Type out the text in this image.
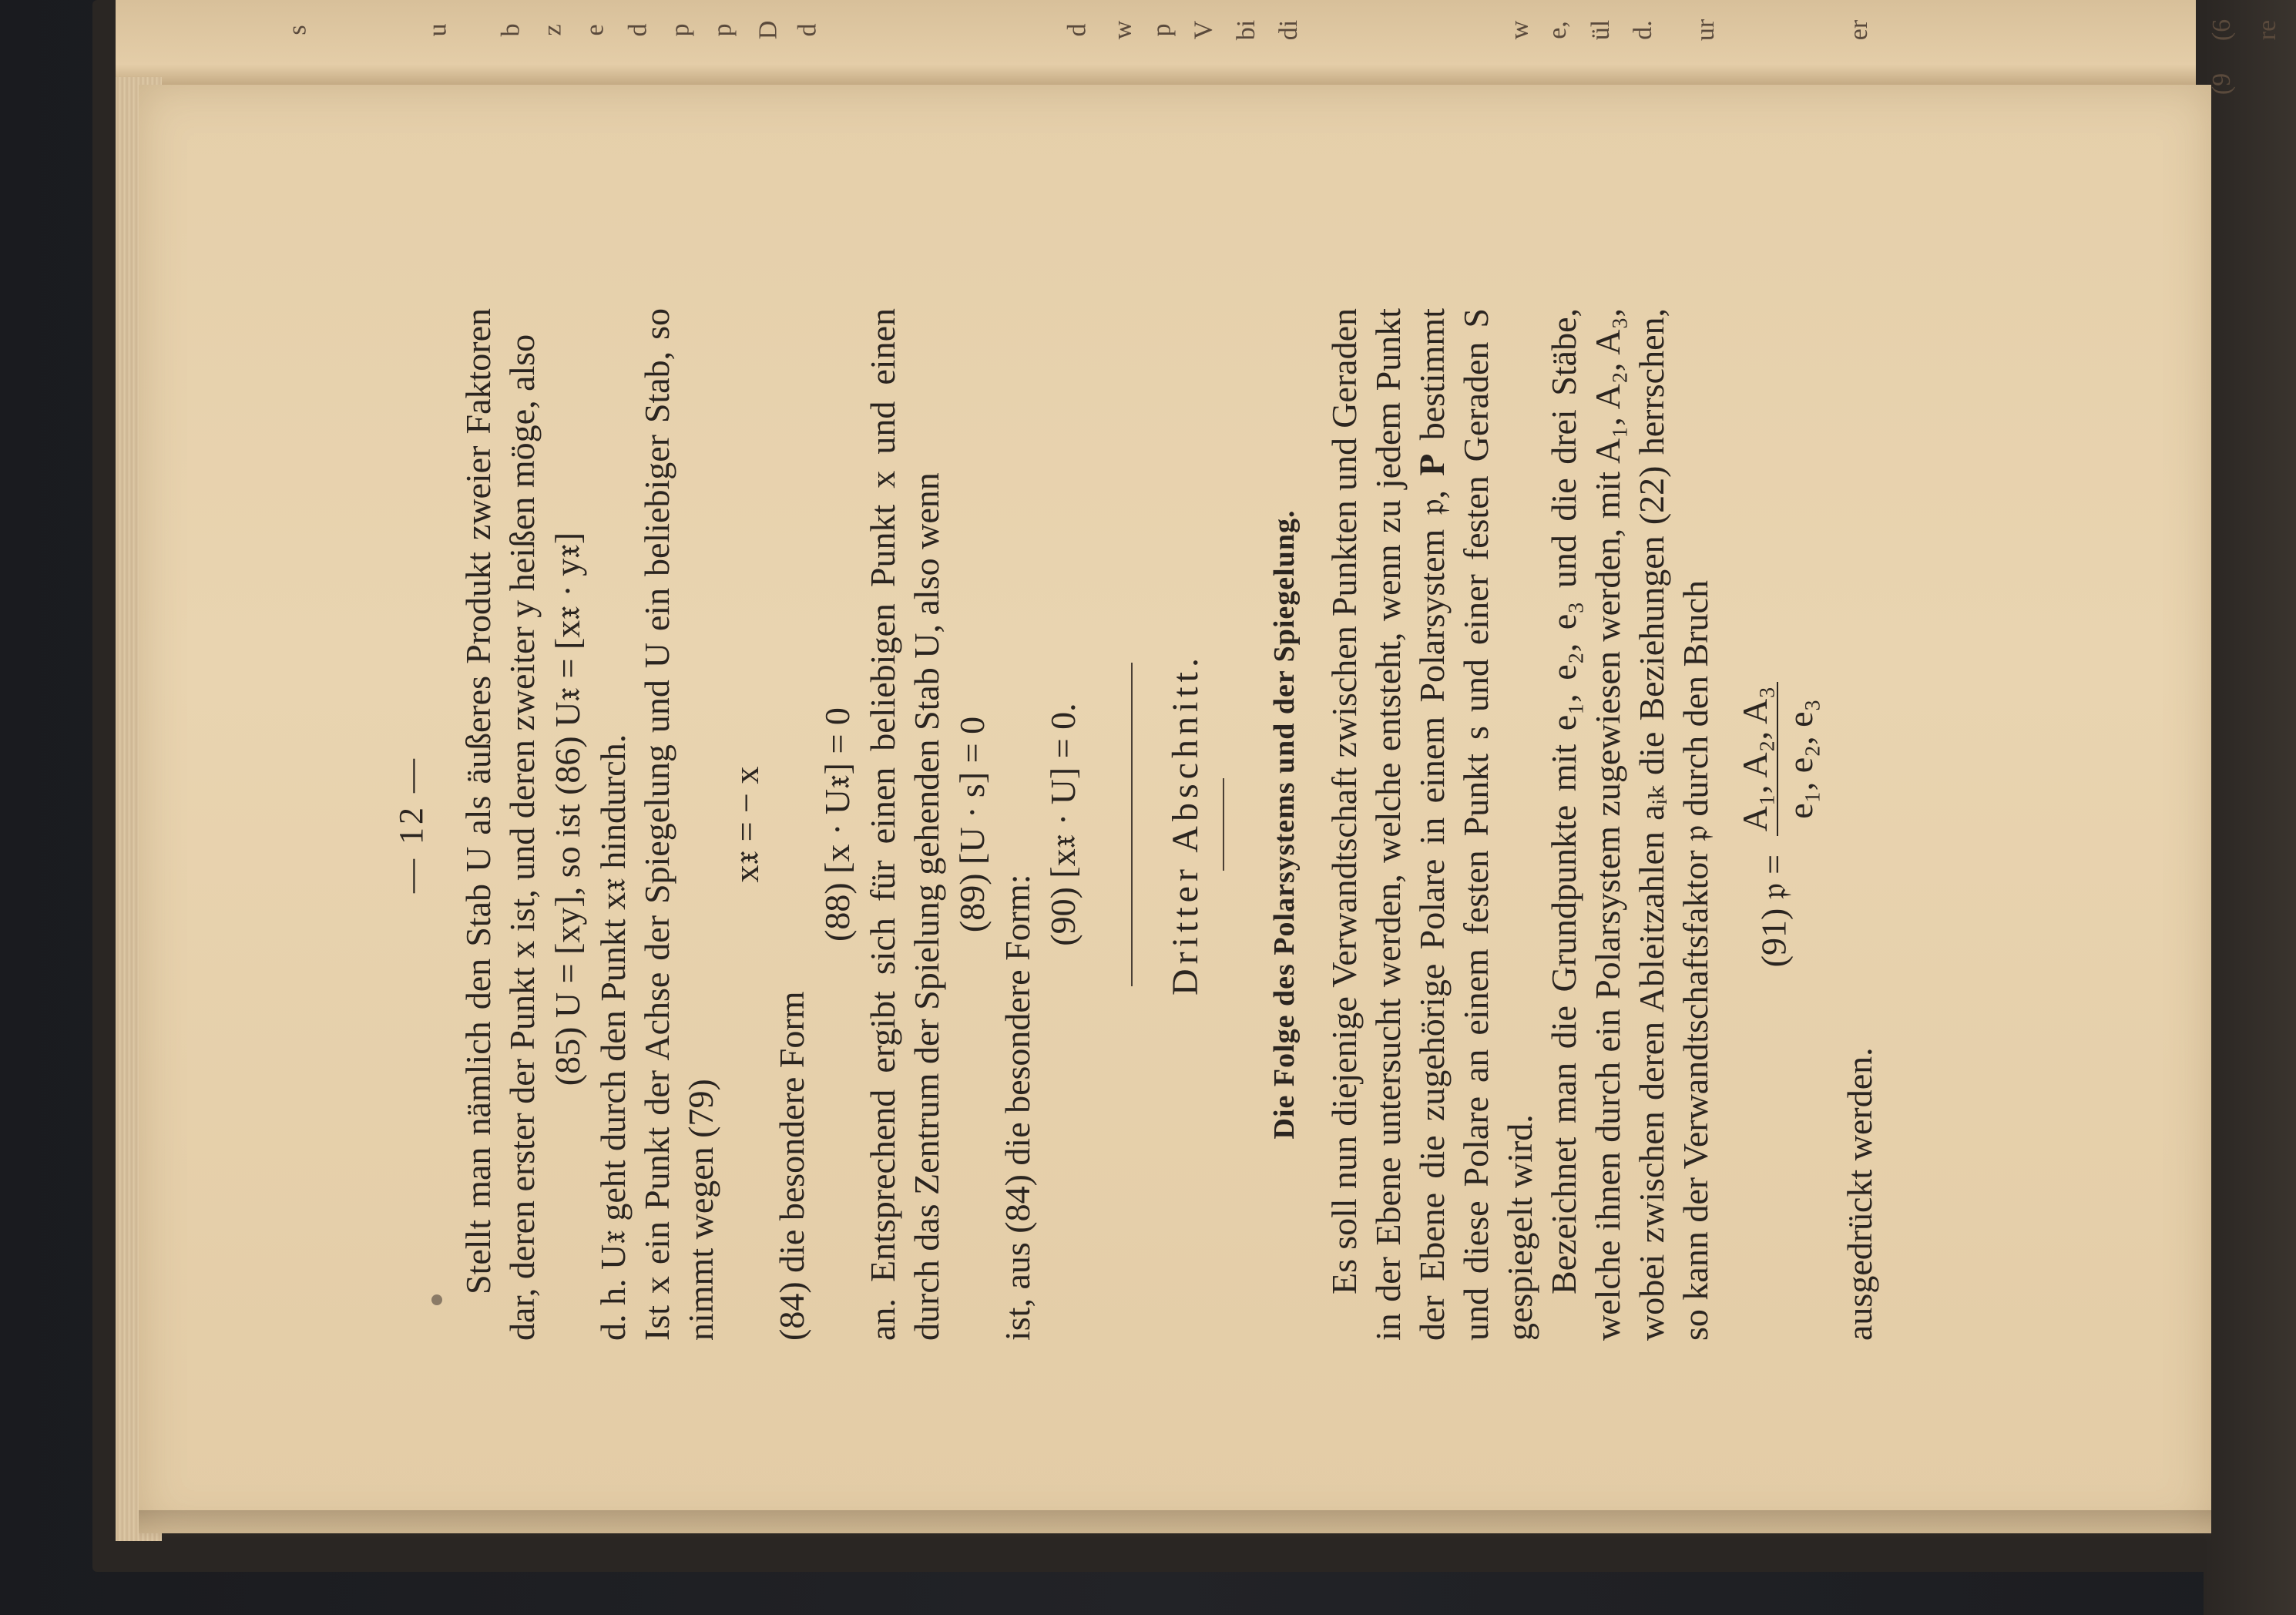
(6 re
(9
er
ur
d.
ül
e,
w
di
bi
V
p
w
d
d
D
p
p
d
e
z
b
u
s
— 12 — Stellt man nämlich den Stab U als äußeres Produkt zweier Faktoren dar, deren erster der Punkt x ist, und deren zweiter y heißen möge, also (85) U = [xy], so ist (86) U𝔵 = [x𝔵 · y𝔵] d. h. U𝔵 geht durch den Punkt x𝔵 hindurch. Ist x ein Punkt der Achse der Spiegelung und U ein beliebiger Stab, so nimmt wegen (79)

x𝔵 = − x

(84) die besondere Form

(88) [x · U𝔵] = 0 an. Entsprechend ergibt sich für einen beliebigen Punkt x und einen durch das Zentrum der Spielung gehenden Stab U, also wenn (89) [U · s] = 0

ist, aus (84) die besondere Form:

(90) [x𝔵 · U] = 0. Dritter Abschnitt. Die Folge des Polarsystems und der Spiegelung. Es soll nun diejenige Verwandtschaft zwischen Punkten und Geraden in der Ebene untersucht werden, welche entsteht, wenn zu jedem Punkt der Ebene die zugehörige Polare in einem Polarsystem 𝔭, 𝐏 bestimmt und diese Polare an einem festen Punkt s und einer festen Geraden S gespiegelt wird. Bezeichnet man die Grundpunkte mit e₁, e₂, e₃ und die drei Stäbe, welche ihnen durch ein Polarsystem zugewiesen werden, mit A₁, A₂, A₃, wobei zwischen deren Ableitzahlen aᵢₖ die Beziehungen (22) herrschen, so kann der Verwandtschaftsfaktor 𝔭 durch den Bruch	(91) 𝔭 =
A₁, A₂, A₃ e₁, e₂, e₃

ausgedrückt werden.
